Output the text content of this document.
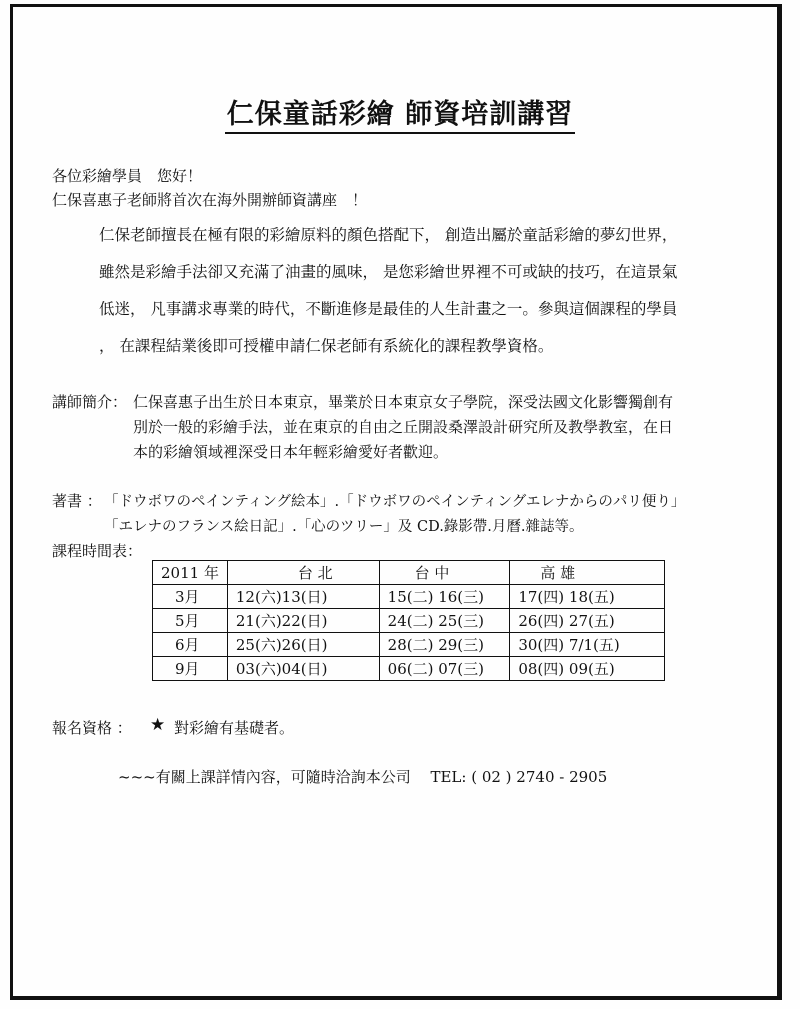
仁保童話彩繪 師資培訓講習
各位彩繪學員　您好！
仁保喜惠子老師將首次在海外開辦師資講座　！
仁保老師擅長在極有限的彩繪原料的顏色搭配下， 創造出屬於童話彩繪的夢幻世界，
雖然是彩繪手法卻又充滿了油畫的風味， 是您彩繪世界裡不可或缺的技巧，在這景氣
低迷， 凡事講求專業的時代，不斷進修是最佳的人生計畫之一。參與這個課程的學員
， 在課程結業後即可授權申請仁保老師有系統化的課程教學資格。
講師簡介： 仁保喜惠子出生於日本東京，畢業於日本東京女子學院，深受法國文化影響獨創有
別於一般的彩繪手法，並在東京的自由之丘開設桑澤設計研究所及教學教室，在日
本的彩繪領域裡深受日本年輕彩繪愛好者歡迎。
著書 ： 「ドウボワのペインティング絵本」.「ドウボワのペインティングエレナからのパリ便り」
「エレナのフランス絵日記」.「心のツリー」及 CD.錄影帶.月曆.雜誌等。
課程時間表：
2011 年	台 北	台 中	高 雄
3月	12(六)13(日)	15(二) 16(三)	17(四) 18(五)
5月	21(六)22(日)	24(二) 25(三)	26(四) 27(五)
6月	25(六)26(日)	28(二) 29(三)	30(四) 7/1(五)
9月	03(六)04(日)	06(二) 07(三)	08(四) 09(五)
報名資格 ： ★ 對彩繪有基礎者。
~~~有關上課詳情內容，可隨時洽詢本公司　 TEL: ( 02 ) 2740 - 2905
